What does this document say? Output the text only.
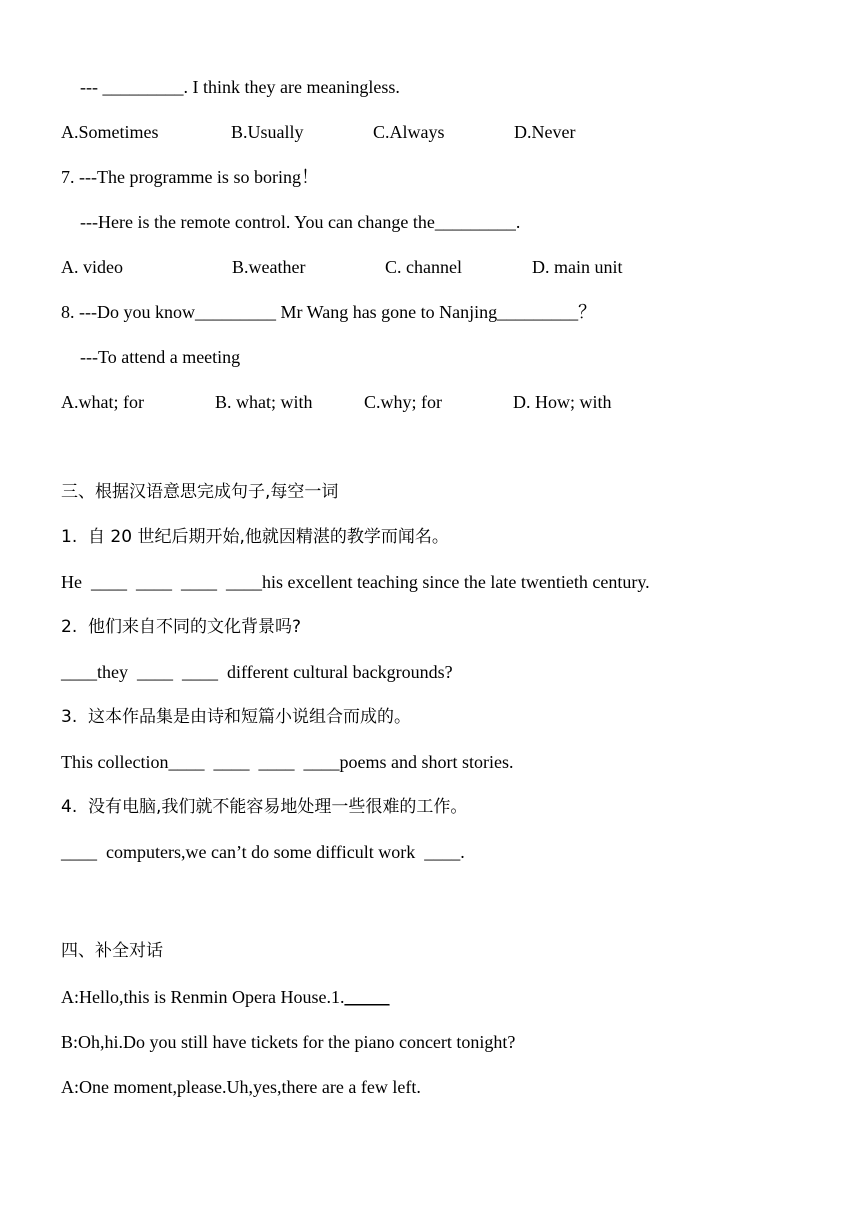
--- _________. I think they are meaningless.
A.Sometimes	B.Usually	C.Always	D.Never
7. ---The programme is so boring！
---Here is the remote control. You can change the_________.
A. video	B.weather	C. channel	D. main unit
8. ---Do you know_________ Mr Wang has gone to Nanjing_________？
---To attend a meeting
A.what; for	B. what; with	C.why; for	D. How; with
三、根据汉语意思完成句子,每空一词
1.  自 20 世纪后期开始,他就因精湛的教学而闻名。
He  ____  ____  ____  ____his excellent teaching since the late twentieth century.
2.  他们来自不同的文化背景吗?
____they  ____  ____  different cultural backgrounds?
3.  这本作品集是由诗和短篇小说组合而成的。
This collection____  ____  ____  ____poems and short stories.
4.  没有电脑,我们就不能容易地处理一些很难的工作。
____  computers,we can’t do some difficult work  ____.
四、补全对话
A:Hello,this is Renmin Opera House.1._____
B:Oh,hi.Do you still have tickets for the piano concert tonight?
A:One moment,please.Uh,yes,there are a few left.
